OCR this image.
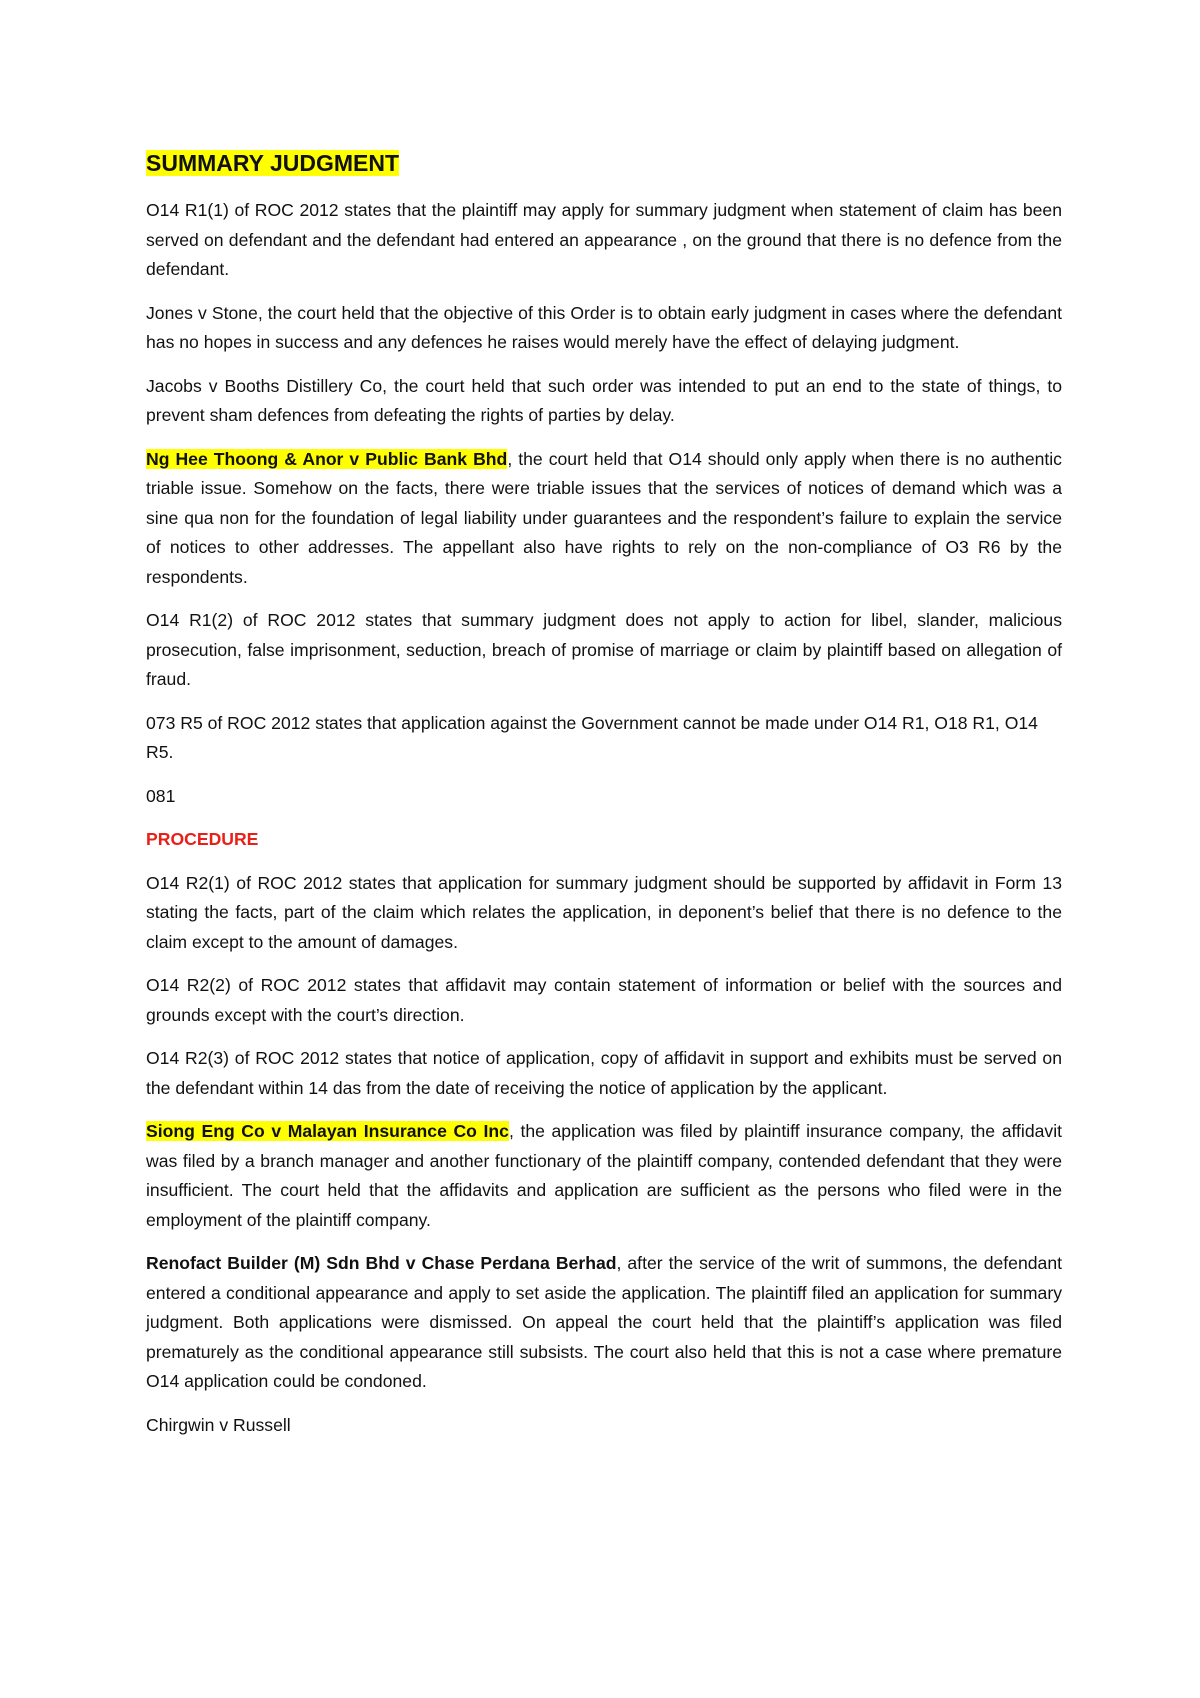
SUMMARY JUDGMENT

O14 R1(1) of ROC 2012 states that the plaintiff may apply for summary judgment when statement of claim has been served on defendant and the defendant had entered an appearance , on the ground that there is no defence from the defendant.

Jones v Stone, the court held that the objective of this Order is to obtain early judgment in cases where the defendant has no hopes in success and any defences he raises would merely have the effect of delaying judgment.

Jacobs v Booths Distillery Co, the court held that such order was intended to put an end to the state of things, to prevent sham defences from defeating the rights of parties by delay.

Ng Hee Thoong & Anor v Public Bank Bhd, the court held that O14 should only apply when there is no authentic triable issue. Somehow on the facts, there were triable issues that the services of notices of demand which was a sine qua non for the foundation of legal liability under guarantees and the respondent’s failure to explain the service of notices to other addresses. The appellant also have rights to rely on the non-compliance of O3 R6 by the respondents.

O14 R1(2) of ROC 2012 states that summary judgment does not apply to action for libel, slander, malicious prosecution, false imprisonment, seduction, breach of promise of marriage or claim by plaintiff based on allegation of fraud.

073 R5 of ROC 2012 states that application against the Government cannot be made under O14 R1, O18 R1, O14 R5.

081

PROCEDURE

O14 R2(1) of ROC 2012 states that application for summary judgment should be supported by affidavit in Form 13 stating the facts, part of the claim which relates the application, in deponent’s belief that there is no defence to the claim except to the amount of damages.

O14 R2(2) of ROC 2012 states that affidavit may contain statement of information or belief with the sources and grounds except with the court’s direction.

O14 R2(3) of ROC 2012 states that notice of application, copy of affidavit in support and exhibits must be served on the defendant within 14 das from the date of receiving the notice of application by the applicant.

Siong Eng Co v Malayan Insurance Co Inc, the application was filed by plaintiff insurance company, the affidavit was filed by a branch manager and another functionary of the plaintiff company, contended defendant that they were insufficient. The court held that the affidavits and application are sufficient as the persons who filed were in the employment of the plaintiff company.

Renofact Builder (M) Sdn Bhd v Chase Perdana Berhad, after the service of the writ of summons, the defendant entered a conditional appearance and apply to set aside the application. The plaintiff filed an application for summary judgment. Both applications were dismissed. On appeal the court held that the plaintiff’s application was filed prematurely as the conditional appearance still subsists. The court also held that this is not a case where premature O14 application could be condoned.

Chirgwin v Russell
